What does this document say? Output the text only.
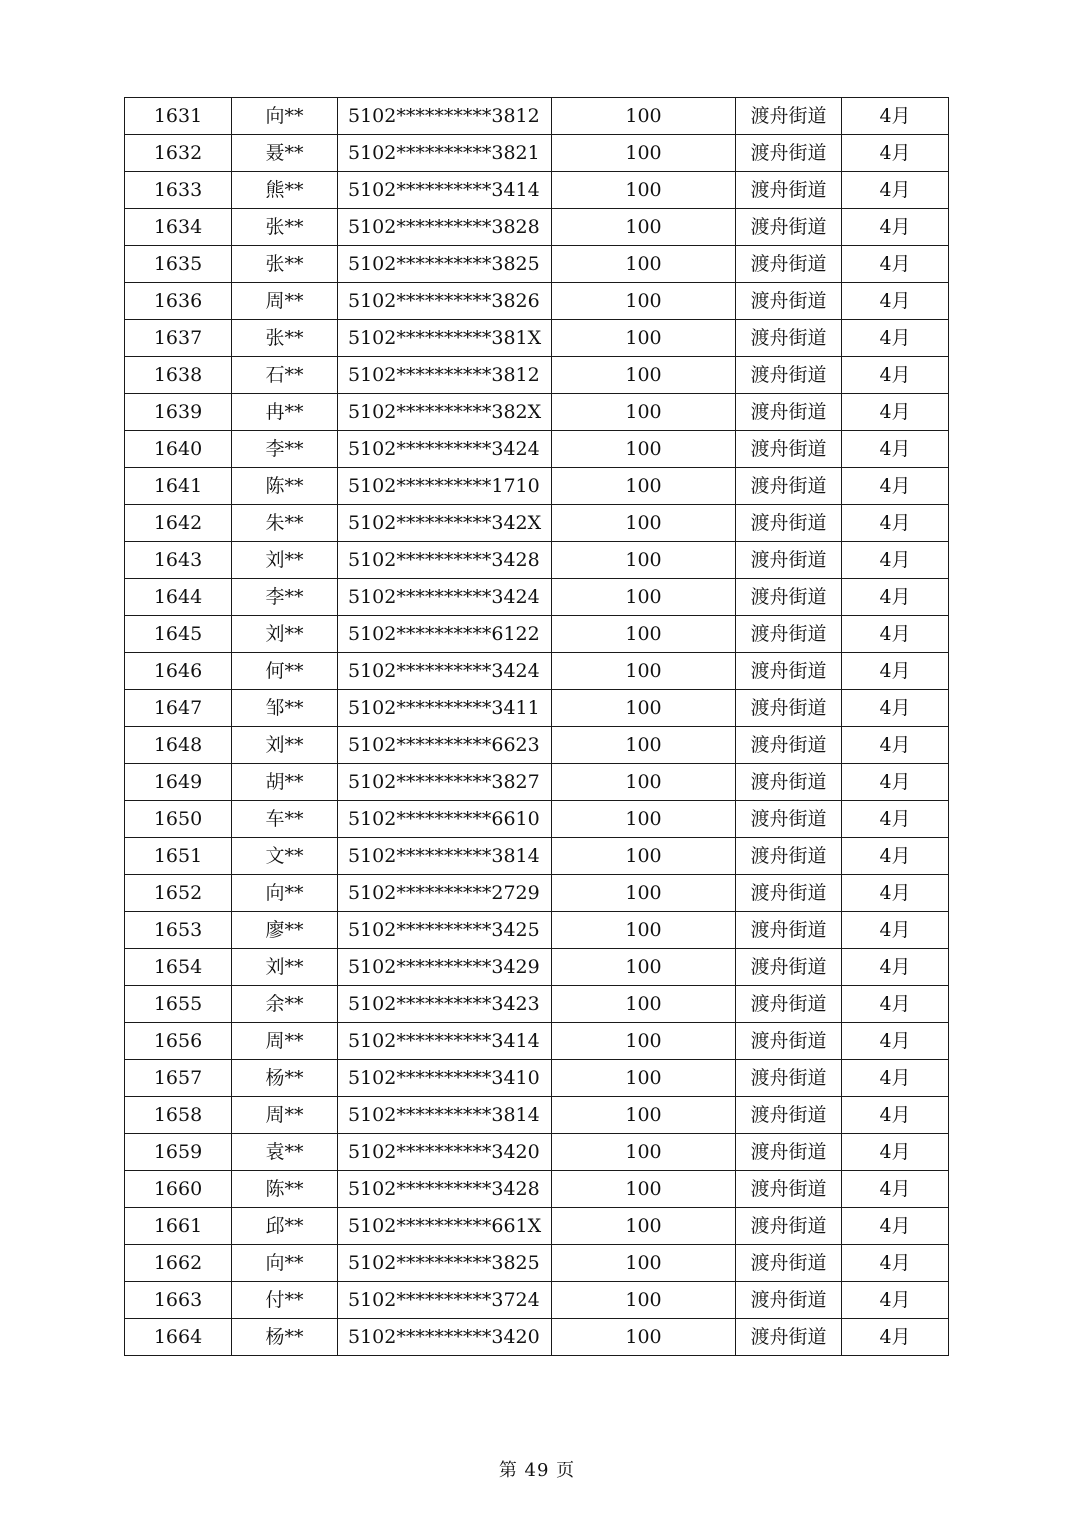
1631	向**	5102**********3812	100	渡舟街道	4月
1632	聂**	5102**********3821	100	渡舟街道	4月
1633	熊**	5102**********3414	100	渡舟街道	4月
1634	张**	5102**********3828	100	渡舟街道	4月
1635	张**	5102**********3825	100	渡舟街道	4月
1636	周**	5102**********3826	100	渡舟街道	4月
1637	张**	5102**********381X	100	渡舟街道	4月
1638	石**	5102**********3812	100	渡舟街道	4月
1639	冉**	5102**********382X	100	渡舟街道	4月
1640	李**	5102**********3424	100	渡舟街道	4月
1641	陈**	5102**********1710	100	渡舟街道	4月
1642	朱**	5102**********342X	100	渡舟街道	4月
1643	刘**	5102**********3428	100	渡舟街道	4月
1644	李**	5102**********3424	100	渡舟街道	4月
1645	刘**	5102**********6122	100	渡舟街道	4月
1646	何**	5102**********3424	100	渡舟街道	4月
1647	邹**	5102**********3411	100	渡舟街道	4月
1648	刘**	5102**********6623	100	渡舟街道	4月
1649	胡**	5102**********3827	100	渡舟街道	4月
1650	车**	5102**********6610	100	渡舟街道	4月
1651	文**	5102**********3814	100	渡舟街道	4月
1652	向**	5102**********2729	100	渡舟街道	4月
1653	廖**	5102**********3425	100	渡舟街道	4月
1654	刘**	5102**********3429	100	渡舟街道	4月
1655	余**	5102**********3423	100	渡舟街道	4月
1656	周**	5102**********3414	100	渡舟街道	4月
1657	杨**	5102**********3410	100	渡舟街道	4月
1658	周**	5102**********3814	100	渡舟街道	4月
1659	袁**	5102**********3420	100	渡舟街道	4月
1660	陈**	5102**********3428	100	渡舟街道	4月
1661	邱**	5102**********661X	100	渡舟街道	4月
1662	向**	5102**********3825	100	渡舟街道	4月
1663	付**	5102**********3724	100	渡舟街道	4月
1664	杨**	5102**********3420	100	渡舟街道	4月
第 49 页
